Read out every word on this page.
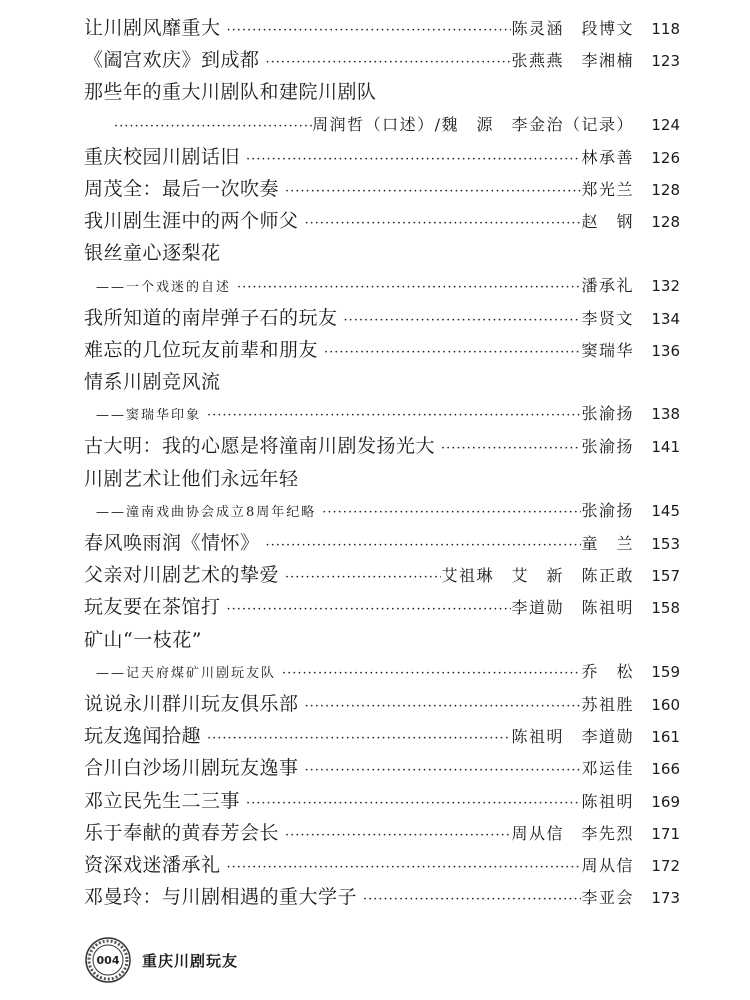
让川剧风靡重大 ·····	陈灵涵　段博文	118
《阖宫欢庆》到成都 ·····	张燕燕　李湘楠	123
那些年的重大川剧队和建院川剧队
·····
周润哲（口述）/魏　源　李金治（记录）	124
重庆校园川剧话旧 ·····	林承善	126
周茂全：最后一次吹奏 ·····	郑光兰	128
我川剧生涯中的两个师父 ·····	赵　钢	128
银丝童心逐梨花
——一个戏迷的自述 ·····	潘承礼	132
我所知道的南岸弹子石的玩友 ·····	李贤文	134
难忘的几位玩友前辈和朋友 ·····	窦瑞华	136
情系川剧竞风流
——窦瑞华印象 ·····	张渝扬	138
古大明：我的心愿是将潼南川剧发扬光大 ·····	张渝扬	141
川剧艺术让他们永远年轻
——潼南戏曲协会成立8周年纪略 ·····	张渝扬	145
春风唤雨润《情怀》 ·····	童　兰	153
父亲对川剧艺术的挚爱 ·····	艾祖琳　艾　新　陈正敢	157
玩友要在茶馆打 ·····	李道勋　陈祖明	158
矿山“一枝花”
——记天府煤矿川剧玩友队 ·····	乔　松	159
说说永川群川玩友俱乐部 ·····	苏祖胜	160
玩友逸闻拾趣 ·····	陈祖明　李道勋	161
合川白沙场川剧玩友逸事 ·····	邓运佳	166
邓立民先生二三事 ·····	陈祖明	169
乐于奉献的黄春芳会长 ·····	周从信　李先烈	171
资深戏迷潘承礼 ·····	周从信	172
邓曼玲：与川剧相遇的重大学子 ·····	李亚会	173
004	重庆川剧玩友
